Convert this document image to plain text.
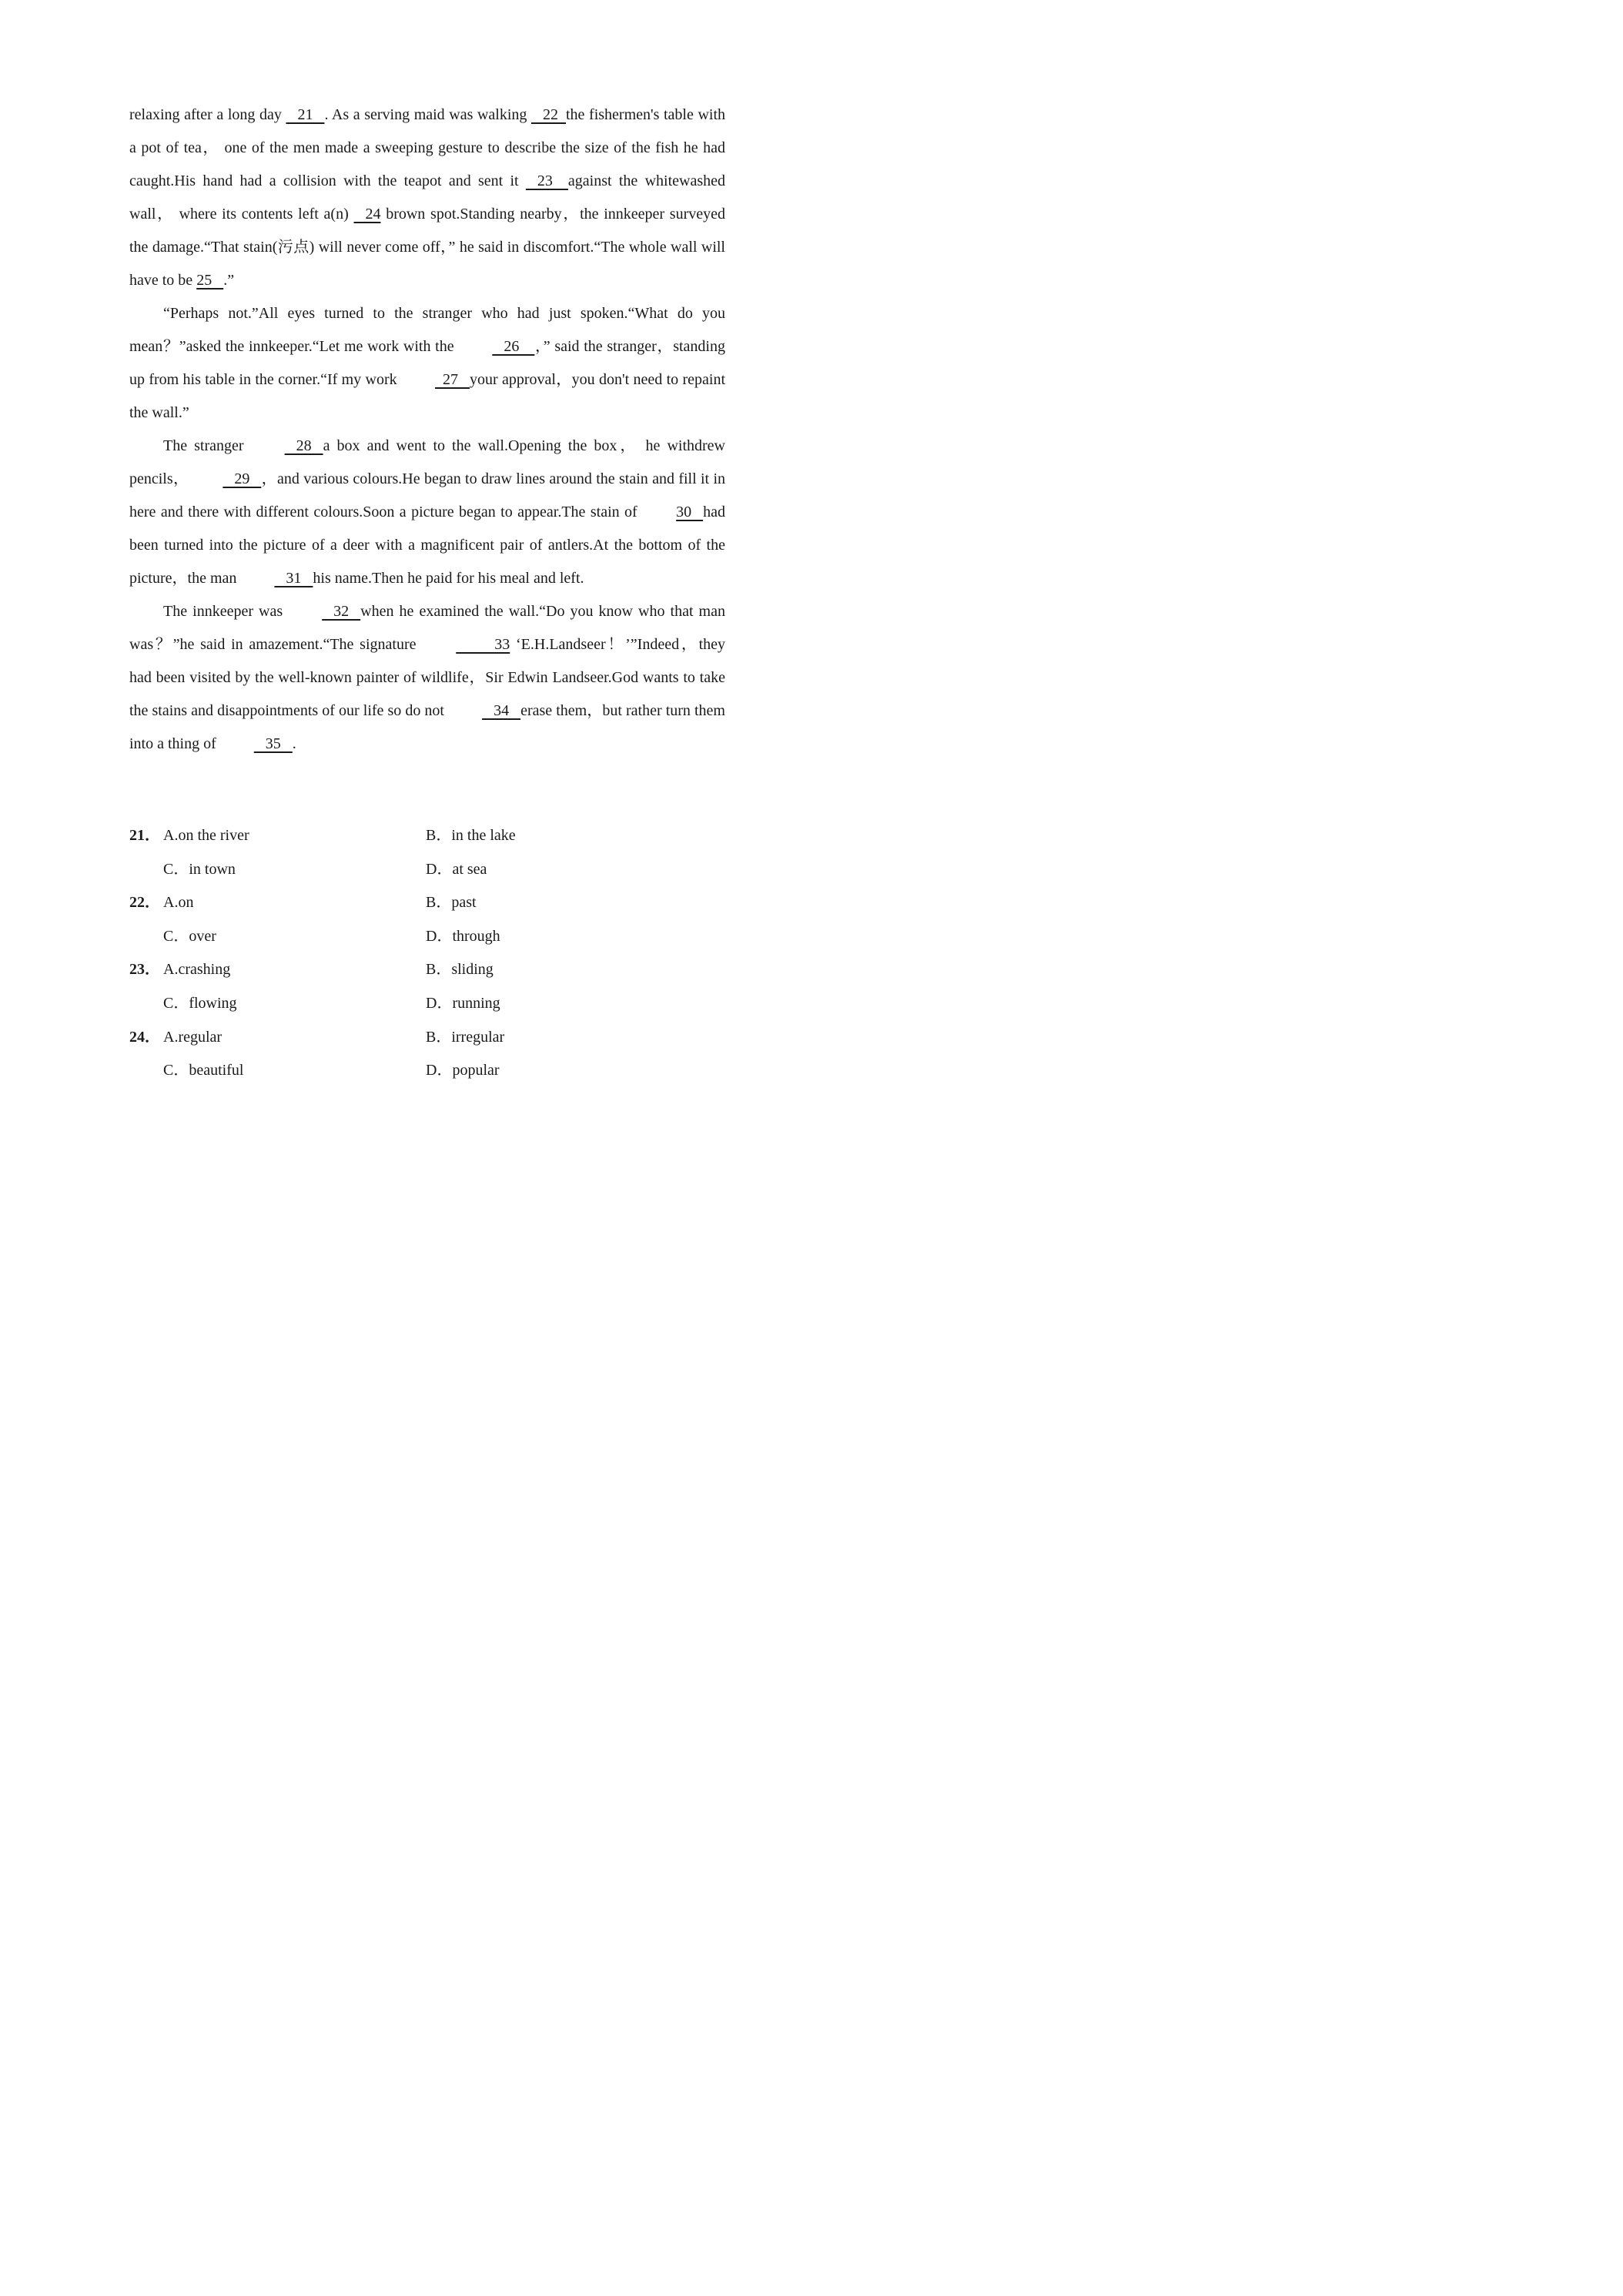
relaxing after a long day    21   . As a serving maid was walking    22  the fishermen's table with a pot of tea， one of the men made a sweeping gesture to describe the size of the fish he had caught.His hand had a collision with the teapot and sent it    23    against the whitewashed wall， where its contents left a(n)    24 brown spot.Standing nearby，the innkeeper surveyed the damage.“That stain(污点) will never come off，” he said in discomfort.“The whole wall will have to be 25   .”

“Perhaps not.”All eyes turned to the stranger who had just spoken.“What do you mean？”asked the innkeeper.“Let me work with the    26    ，” said the stranger，standing up from his table in the corner.“If my work   27   your approval，you don't need to repaint the wall.”

The stranger    28   a box and went to the wall.Opening the box， he withdrew pencils，   29   ，and various colours.He began to draw lines around the stain and fill it in here and there with different colours.Soon a picture began to appear.The stain of 30   had been turned into the picture of a deer with a magnificent pair of antlers.At the bottom of the picture，the man    31   his name.Then he paid for his meal and left.

The innkeeper was    32   when he examined the wall.“Do you know who that man was？”he said in amazement.“The signature           33 ‘E.H.Landseer！’”Indeed，they had been visited by the well-known painter of wildlife，Sir Edwin Landseer.God wants to take the stains and disappointments of our life so do not    34   erase them，but rather turn them into a thing of    35   .

21． A.on the river	B．in the lake
C．in town	D．at sea
22． A.on	B．past
C．over	D．through
23． A.crashing	B．sliding
C．flowing	D．running
24． A.regular	B．irregular
C．beautiful	D．popular
